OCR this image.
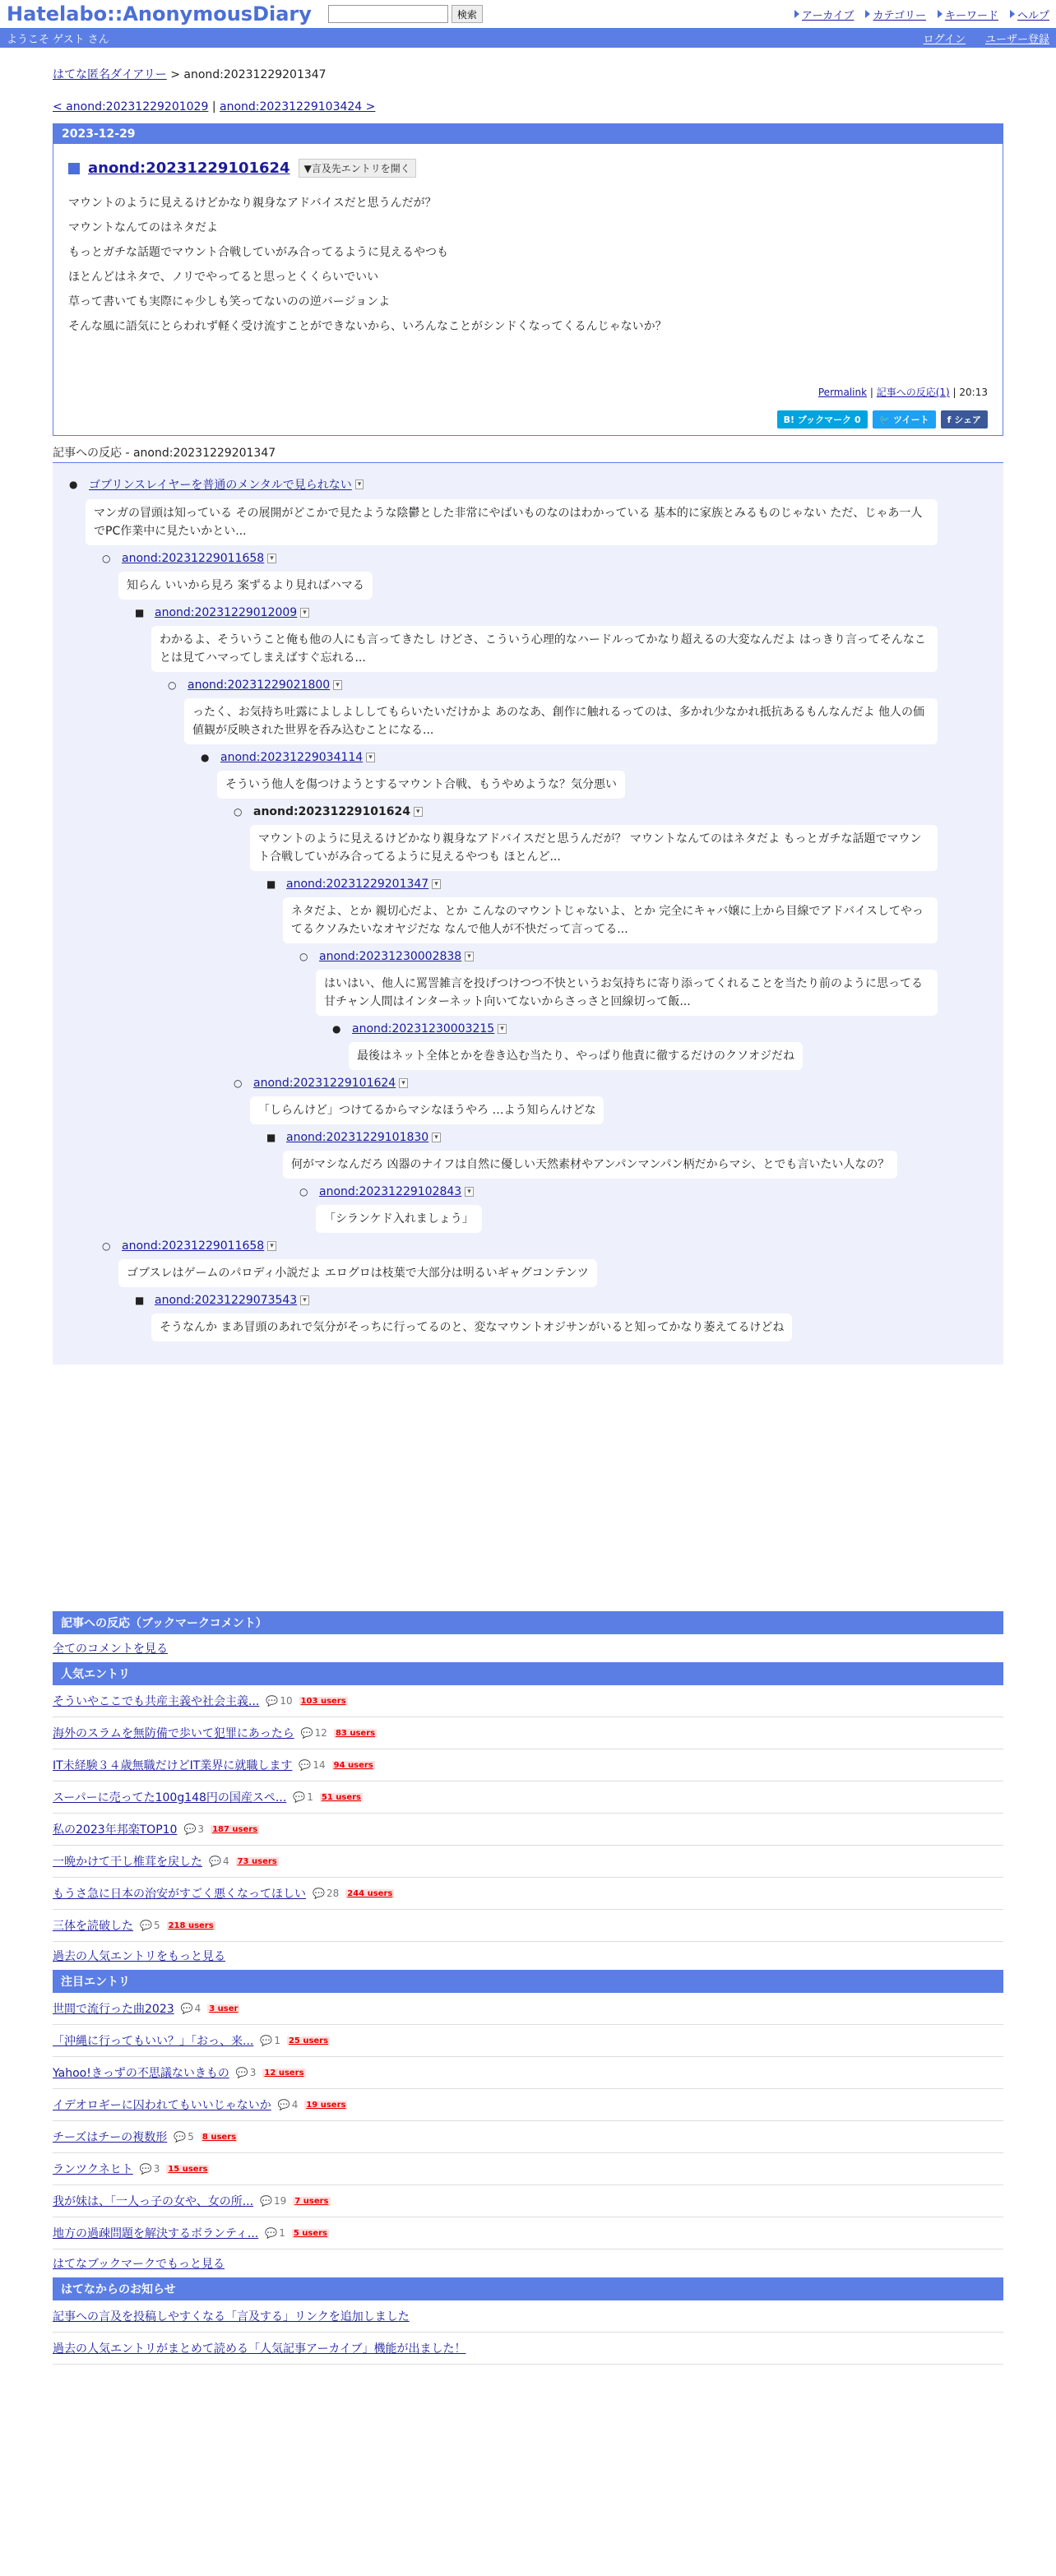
Hatelabo::AnonymousDiary	検索	アーカイブ カテゴリー キーワード ヘルプ
ようこそ ゲスト さん	ログイン ユーザー登録
はてな匿名ダイアリー > anond:20231229201347
< anond:20231229201029 | anond:20231229103424 >
2023-12-29
anond:20231229101624	▼言及先エントリを開く

マウントのように見えるけどかなり親身なアドバイスだと思うんだが？

マウントなんてのはネタだよ

もっとガチな話題でマウント合戦していがみ合ってるように見えるやつも

ほとんどはネタで、ノリでやってると思っとくくらいでいい

草って書いても実際にゃ少しも笑ってないのの逆バージョンよ

そんな風に語気にとらわれず軽く受け流すことができないから、いろんなことがシンドくなってくるんじゃないか？

Permalink | 記事への反応(1) | 20:13
B! ブックマーク 0	🐦 ツイート	f シェア
記事への反応 - anond:20231229201347
● ゴブリンスレイヤーを普通のメンタルで見られない ▾
マンガの冒頭は知っている その展開がどこかで見たような陰鬱とした非常にやばいものなのはわかっている 基本的に家族とみるものじゃない ただ、じゃあ一人でPC作業中に見たいかとい...
○ anond:20231229011658 ▾
知らん いいから見ろ 案ずるより見ればハマる
■ anond:20231229012009 ▾
わかるよ、そういうこと俺も他の人にも言ってきたし けどさ、こういう心理的なハードルってかなり超えるの大変なんだよ はっきり言ってそんなことは見てハマってしまえばすぐ忘れる...
○ anond:20231229021800 ▾
ったく、お気持ち吐露によしよししてもらいたいだけかよ あのなあ、創作に触れるってのは、多かれ少なかれ抵抗あるもんなんだよ 他人の価値観が反映された世界を呑み込むことになる...
● anond:20231229034114 ▾
そういう他人を傷つけようとするマウント合戦、もうやめような？気分悪い
○ anond:20231229101624 ▾
マウントのように見えるけどかなり親身なアドバイスだと思うんだが？ マウントなんてのはネタだよ もっとガチな話題でマウント合戦していがみ合ってるように見えるやつも ほとんど...
■ anond:20231229201347 ▾
ネタだよ、とか 親切心だよ、とか こんなのマウントじゃないよ、とか 完全にキャバ嬢に上から目線でアドバイスしてやってるクソみたいなオヤジだな なんで他人が不快だって言ってる...
○ anond:20231230002838 ▾
はいはい、他人に罵詈雑言を投げつけつつ不快というお気持ちに寄り添ってくれることを当たり前のように思ってる甘チャン人間はインターネット向いてないからさっさと回線切って飯...
● anond:20231230003215 ▾
最後はネット全体とかを巻き込む当たり、やっぱり他責に徹するだけのクソオジだね
○ anond:20231229101624 ▾
「しらんけど」つけてるからマシなほうやろ …よう知らんけどな
■ anond:20231229101830 ▾
何がマシなんだろ 凶器のナイフは自然に優しい天然素材やアンパンマンパン柄だからマシ、とでも言いたい人なの？
○ anond:20231229102843 ▾
「シランケド入れましょう」
○ anond:20231229011658 ▾
ゴブスレはゲームのパロディ小説だよ エログロは枝葉で大部分は明るいギャグコンテンツ
■ anond:20231229073543 ▾
そうなんか まあ冒頭のあれで気分がそっちに行ってるのと、変なマウントオジサンがいると知ってかなり萎えてるけどね
記事への反応（ブックマークコメント）
全てのコメントを見る
人気エントリ
そういやここでも共産主義や社会主義... 💬 10 103 users
海外のスラムを無防備で歩いて犯罪にあったら 💬 12 83 users
IT未経験３４歳無職だけどIT業界に就職します 💬 14 94 users
スーパーに売ってた100g148円の国産スペ... 💬 1 51 users
私の2023年邦楽TOP10 💬 3 187 users
一晩かけて干し椎茸を戻した 💬 4 73 users
もうさ急に日本の治安がすごく悪くなってほしい 💬 28 244 users
三体を読破した 💬 5 218 users
過去の人気エントリをもっと見る
注目エントリ
世間で流行った曲2023 💬 4 3 user
「沖縄に行ってもいい？」「おっ、来... 💬 1 25 users
Yahoo!きっずの不思議ないきもの 💬 3 12 users
イデオロギーに囚われてもいいじゃないか 💬 4 19 users
チーズはチーの複数形 💬 5 8 users
ランツクネヒト 💬 3 15 users
我が妹は、「一人っ子の女や、女の所... 💬 19 7 users
地方の過疎問題を解決するボランティ... 💬 1 5 users
はてなブックマークでもっと見る
はてなからのお知らせ
記事への言及を投稿しやすくなる「言及する」リンクを追加しました
過去の人気エントリがまとめて読める「人気記事アーカイブ」機能が出ました！
